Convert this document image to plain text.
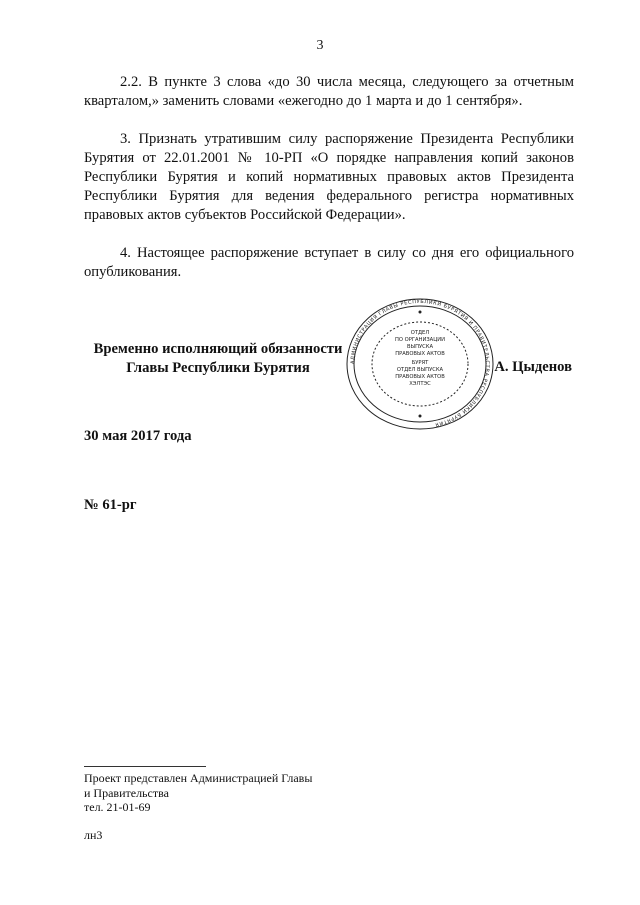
3

2.2. В пункте 3 слова «до 30 числа месяца, следующего за отчетным кварталом,» заменить словами «ежегодно до 1 марта и до 1 сентября».

3. Признать утратившим силу распоряжение Президента Республики Бурятия от 22.01.2001 № 10-РП «О порядке направления копий законов Республики Бурятия и копий нормативных правовых актов Президента Республики Бурятия для ведения федерального регистра нормативных правовых актов субъектов Российской Федерации».

4. Настоящее распоряжение вступает в силу со дня его официального опубликования.

Временно исполняющий обязанности
Главы Республики Бурятия
ОТДЕЛ
ПО ОРГАНИЗАЦИИ
ВЫПУСКА
ПРАВОВЫХ АКТОВ
БУРЯТ
ОТДЕЛ ВЫПУСКА
ПРАВОВЫХ АКТОВ
ХЭЛТЭС
АДМИНИСТРАЦИЯ ГЛАВЫ РЕСПУБЛИКИ БУРЯТИЯ И ПРАВИТЕЛЬСТВА РЕСПУБЛИКИ БУРЯТИЯ
А. Цыденов
30 мая 2017 года
№ 61-рг
Проект представлен Администрацией Главы
и Правительства
тел. 21-01-69
лн3
